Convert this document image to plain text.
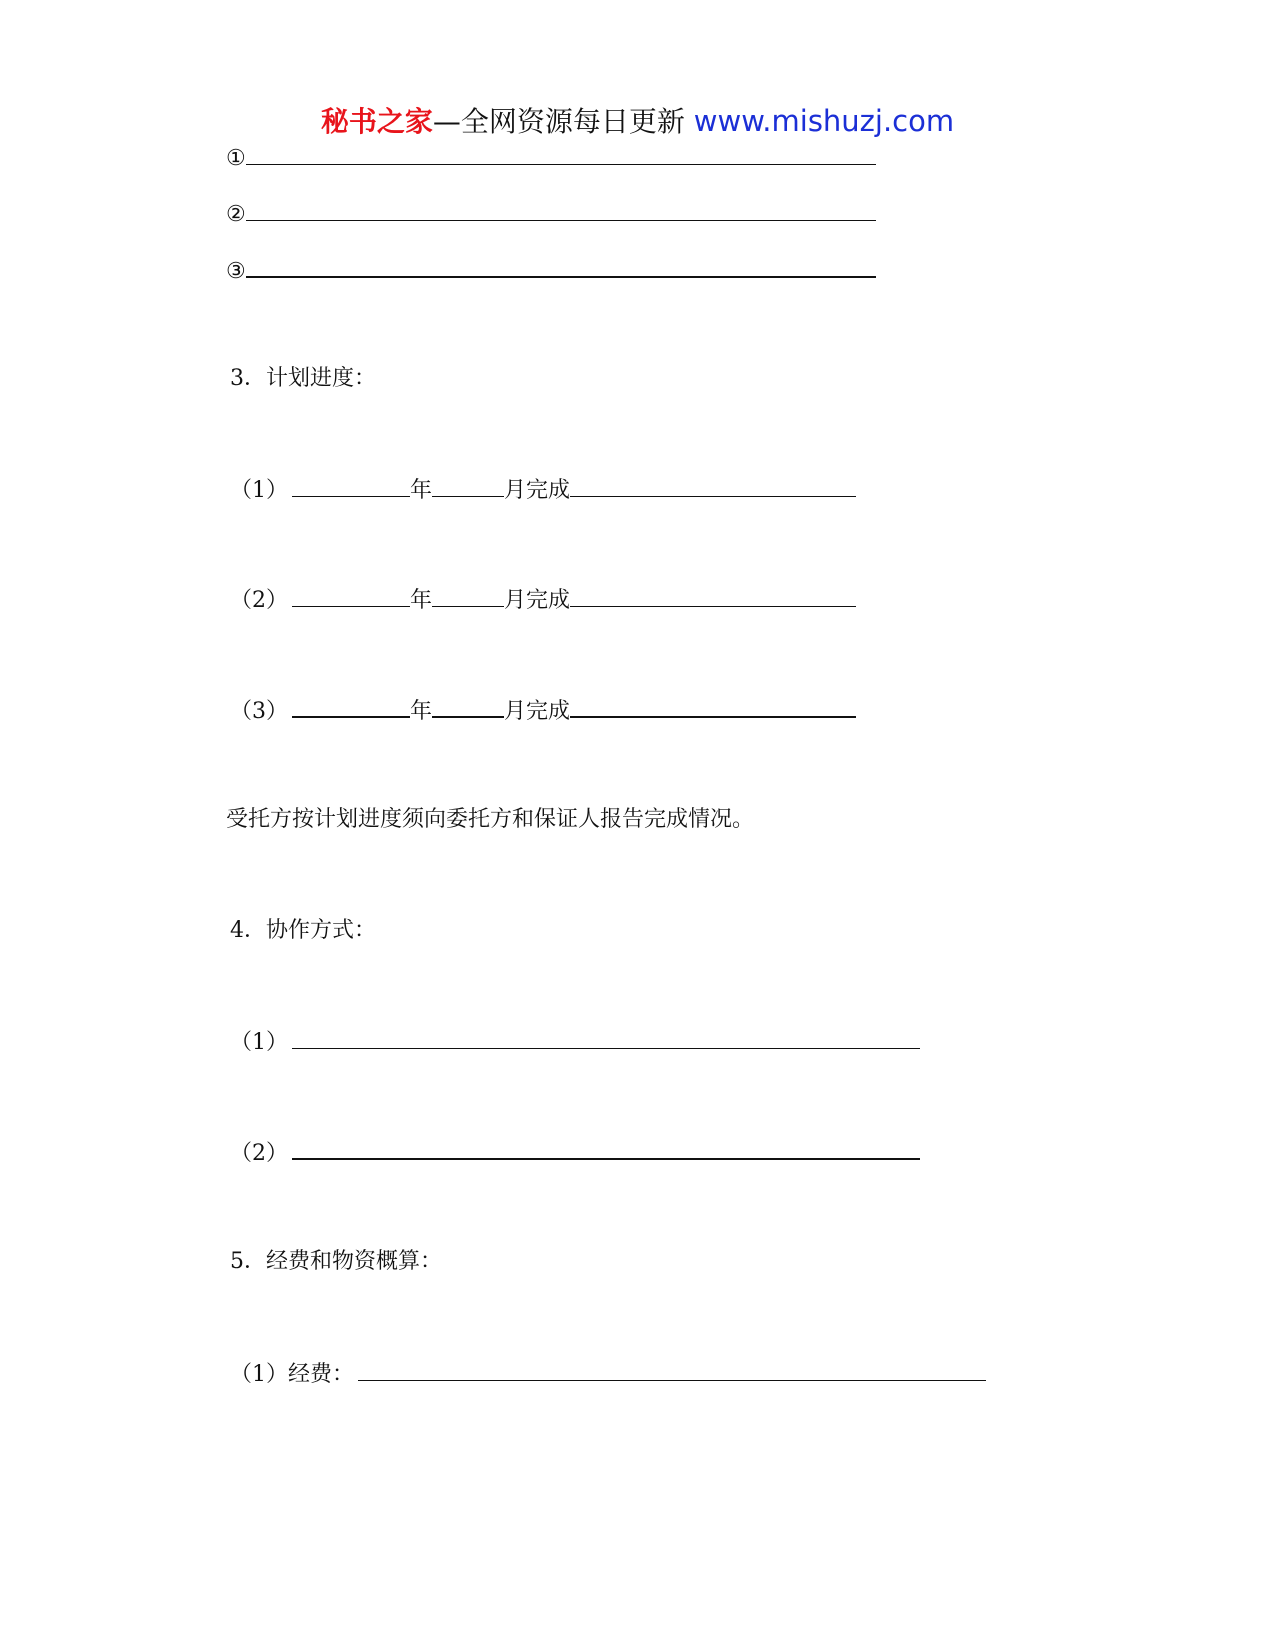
秘书之家—全网资源每日更新 www.mishuzj.com
①
②
③
3．计划进度：
（1）	年	月完成
（2）	年	月完成
（3）	年	月完成
受托方按计划进度须向委托方和保证人报告完成情况。
4．协作方式：
（1）
（2）
5．经费和物资概算：
（1）经费：
